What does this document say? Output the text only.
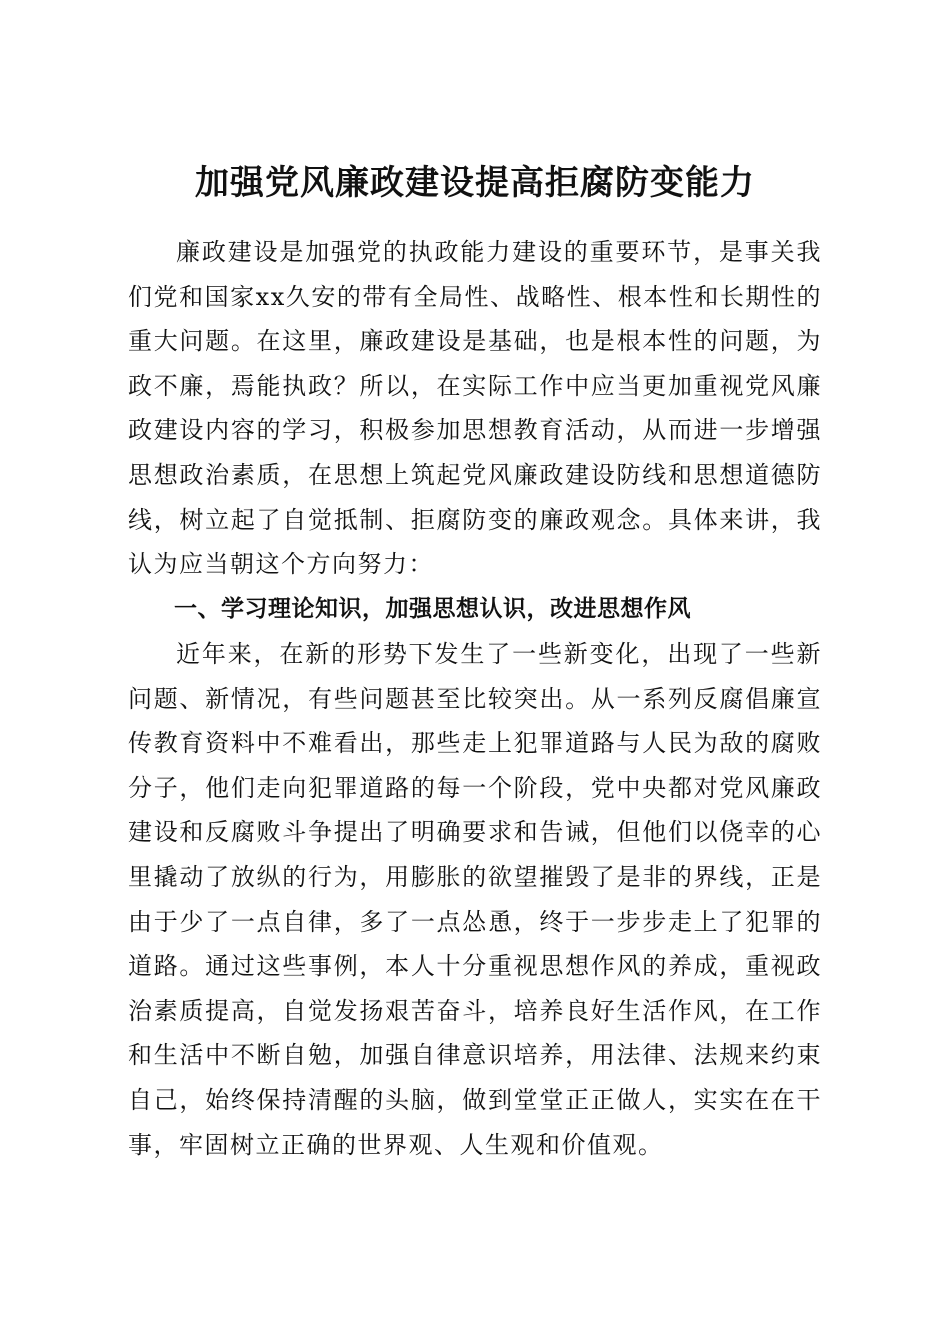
加强党风廉政建设提高拒腐防变能力

廉政建设是加强党的执政能力建设的重要环节，是事关我们党和国家xx久安的带有全局性、战略性、根本性和长期性的重大问题。在这里，廉政建设是基础，也是根本性的问题，为政不廉，焉能执政？所以，在实际工作中应当更加重视党风廉政建设内容的学习，积极参加思想教育活动，从而进一步增强思想政治素质，在思想上筑起党风廉政建设防线和思想道德防线，树立起了自觉抵制、拒腐防变的廉政观念。具体来讲，我认为应当朝这个方向努力：

一、学习理论知识，加强思想认识，改进思想作风

近年来，在新的形势下发生了一些新变化，出现了一些新问题、新情况，有些问题甚至比较突出。从一系列反腐倡廉宣传教育资料中不难看出，那些走上犯罪道路与人民为敌的腐败分子，他们走向犯罪道路的每一个阶段，党中央都对党风廉政建设和反腐败斗争提出了明确要求和告诫，但他们以侥幸的心里撬动了放纵的行为，用膨胀的欲望摧毁了是非的界线，正是由于少了一点自律，多了一点怂恿，终于一步步走上了犯罪的道路。通过这些事例，本人十分重视思想作风的养成，重视政治素质提高，自觉发扬艰苦奋斗，培养良好生活作风，在工作和生活中不断自勉，加强自律意识培养，用法律、法规来约束自己，始终保持清醒的头脑，做到堂堂正正做人，实实在在干事，牢固树立正确的世界观、人生观和价值观。
